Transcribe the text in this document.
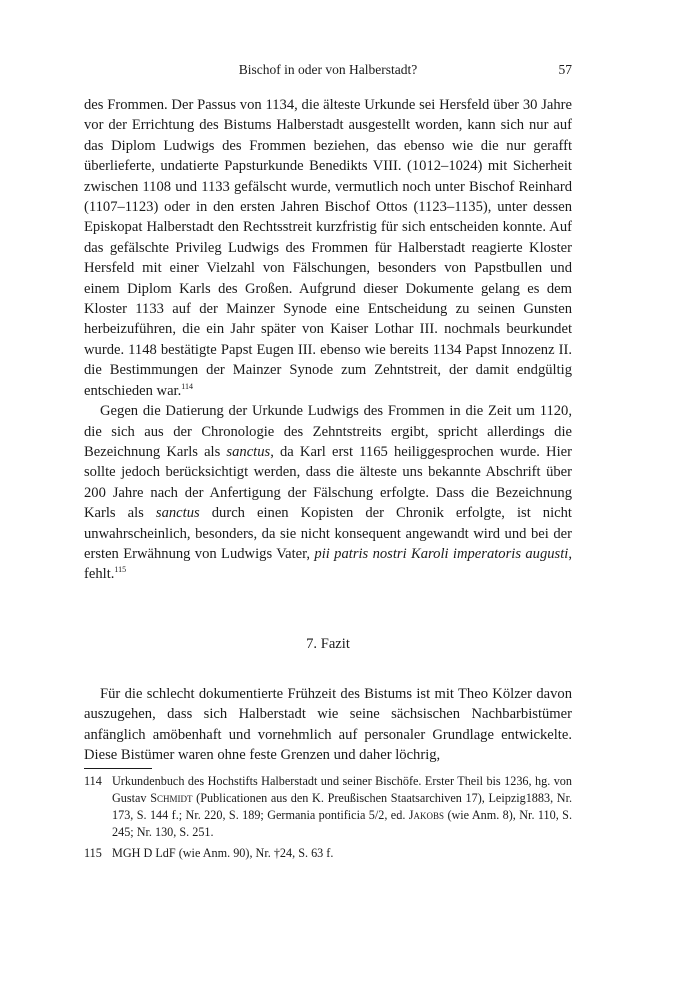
Bischof in oder von Halberstadt?	57

des Frommen. Der Passus von 1134, die älteste Urkunde sei Hersfeld über 30 Jahre vor der Errichtung des Bistums Halberstadt ausgestellt worden, kann sich nur auf das Diplom Ludwigs des Frommen beziehen, das ebenso wie die nur gerafft überlieferte, undatierte Papsturkunde Benedikts VIII. (1012–1024) mit Sicherheit zwischen 1108 und 1133 gefälscht wurde, vermutlich noch unter Bischof Reinhard (1107–1123) oder in den ersten Jahren Bischof Ottos (1123–1135), unter dessen Episkopat Halberstadt den Rechtsstreit kurzfristig für sich entscheiden konnte. Auf das gefälschte Privileg Ludwigs des Frommen für Halberstadt reagierte Kloster Hersfeld mit einer Vielzahl von Fälschungen, besonders von Papstbullen und einem Diplom Karls des Großen. Aufgrund dieser Dokumente gelang es dem Kloster 1133 auf der Mainzer Synode eine Entscheidung zu seinen Gunsten herbeizuführen, die ein Jahr später von Kaiser Lothar III. nochmals beurkundet wurde. 1148 bestätigte Papst Eugen III. ebenso wie bereits 1134 Papst Innozenz II. die Bestimmungen der Mainzer Synode zum Zehntstreit, der damit endgültig entschieden war.$^{114}$

Gegen die Datierung der Urkunde Ludwigs des Frommen in die Zeit um 1120, die sich aus der Chronologie des Zehntstreits ergibt, spricht allerdings die Bezeichnung Karls als sanctus, da Karl erst 1165 heiliggesprochen wurde. Hier sollte jedoch berücksichtigt werden, dass die älteste uns bekannte Abschrift über 200 Jahre nach der Anfertigung der Fälschung erfolgte. Dass die Bezeichnung Karls als sanctus durch einen Kopisten der Chronik erfolgte, ist nicht unwahrscheinlich, besonders, da sie nicht konsequent angewandt wird und bei der ersten Erwähnung von Ludwigs Vater, pii patris nostri Karoli imperatoris augusti, fehlt.$^{115}$

7. Fazit

Für die schlecht dokumentierte Frühzeit des Bistums ist mit Theo Kölzer davon auszugehen, dass sich Halberstadt wie seine sächsischen Nachbarbistümer anfänglich amöbenhaft und vornehmlich auf personaler Grundlage entwickelte. Diese Bistümer waren ohne feste Grenzen und daher löchrig,

114 Urkundenbuch des Hochstifts Halberstadt und seiner Bischöfe. Erster Theil bis 1236, hg. von Gustav Schmidt (Publicationen aus den K. Preußischen Staatsarchiven 17), Leipzig1883, Nr. 173, S. 144 f.; Nr. 220, S. 189; Germania pontificia 5/2, ed. Jakobs (wie Anm. 8), Nr. 110, S. 245; Nr. 130, S. 251.
115 MGH D LdF (wie Anm. 90), Nr. †24, S. 63 f.
